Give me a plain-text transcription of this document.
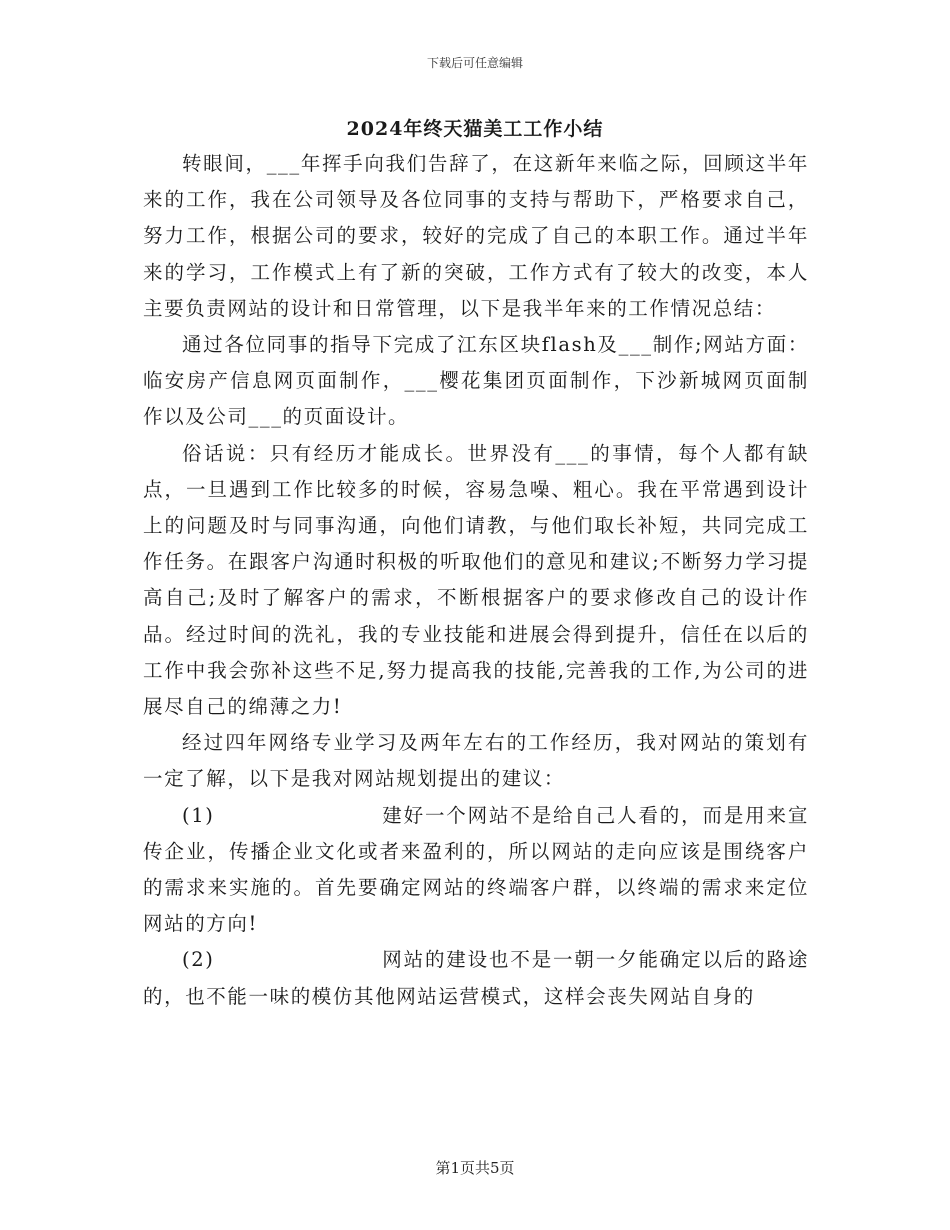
下载后可任意编辑
2024年终天猫美工工作小结

转眼间，___年挥手向我们告辞了，在这新年来临之际，回顾这半年来的工作，我在公司领导及各位同事的支持与帮助下，严格要求自己，努力工作，根据公司的要求，较好的完成了自己的本职工作。通过半年来的学习，工作模式上有了新的突破，工作方式有了较大的改变，本人主要负责网站的设计和日常管理，以下是我半年来的工作情况总结：

通过各位同事的指导下完成了江东区块flash及___制作;网站方面：临安房产信息网页面制作，___樱花集团页面制作，下沙新城网页面制作以及公司___的页面设计。

俗话说：只有经历才能成长。世界没有___的事情，每个人都有缺点，一旦遇到工作比较多的时候，容易急噪、粗心。我在平常遇到设计上的问题及时与同事沟通，向他们请教，与他们取长补短，共同完成工作任务。在跟客户沟通时积极的听取他们的意见和建议;不断努力学习提高自己;及时了解客户的需求，不断根据客户的要求修改自己的设计作品。经过时间的洗礼，我的专业技能和进展会得到提升，信任在以后的工作中我会弥补这些不足,努力提高我的技能,完善我的工作,为公司的进展尽自己的绵薄之力!

经过四年网络专业学习及两年左右的工作经历，我对网站的策划有一定了解，以下是我对网站规划提出的建议：

(1)	建好一个网站不是给自己人看的，而是用来宣传企业，传播企业文化或者来盈利的，所以网站的走向应该是围绕客户的需求来实施的。首先要确定网站的终端客户群，以终端的需求来定位网站的方向!

(2)	网站的建设也不是一朝一夕能确定以后的路途的，也不能一味的模仿其他网站运营模式，这样会丧失网站自身的

第1页共5页
